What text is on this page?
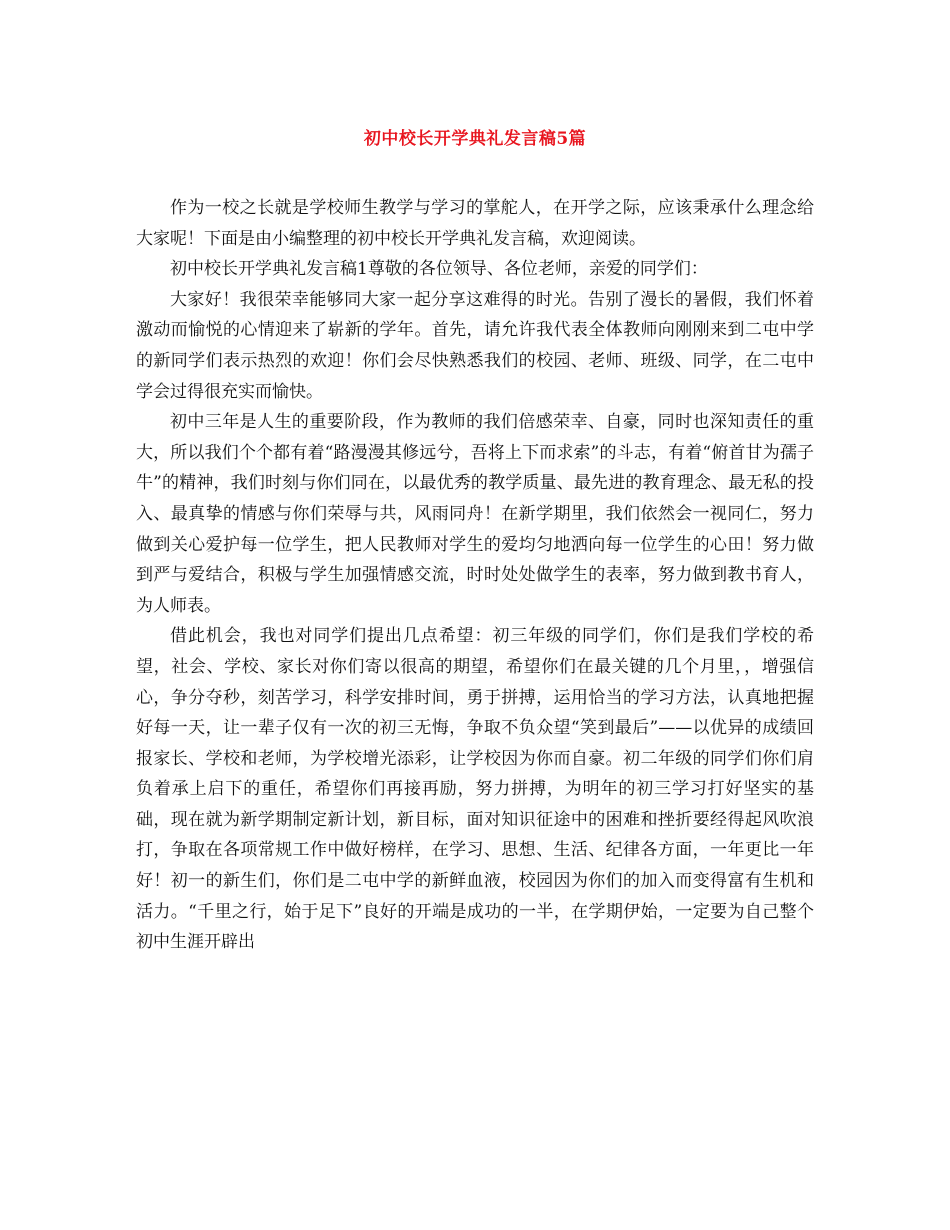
初中校长开学典礼发言稿5篇

作为一校之长就是学校师生教学与学习的掌舵人，在开学之际，应该秉承什么理念给大家呢！下面是由小编整理的初中校长开学典礼发言稿，欢迎阅读。

初中校长开学典礼发言稿1尊敬的各位领导、各位老师，亲爱的同学们：

大家好！我很荣幸能够同大家一起分享这难得的时光。告别了漫长的暑假，我们怀着激动而愉悦的心情迎来了崭新的学年。首先，请允许我代表全体教师向刚刚来到二屯中学的新同学们表示热烈的欢迎！你们会尽快熟悉我们的校园、老师、班级、同学，在二屯中学会过得很充实而愉快。

初中三年是人生的重要阶段，作为教师的我们倍感荣幸、自豪，同时也深知责任的重大，所以我们个个都有着“路漫漫其修远兮，吾将上下而求索”的斗志，有着“俯首甘为孺子牛”的精神，我们时刻与你们同在，以最优秀的教学质量、最先进的教育理念、最无私的投入、最真挚的情感与你们荣辱与共，风雨同舟！在新学期里，我们依然会一视同仁，努力做到关心爱护每一位学生，把人民教师对学生的爱均匀地洒向每一位学生的心田！努力做到严与爱结合，积极与学生加强情感交流，时时处处做学生的表率，努力做到教书育人，为人师表。

借此机会，我也对同学们提出几点希望：初三年级的同学们，你们是我们学校的希望，社会、学校、家长对你们寄以很高的期望，希望你们在最关键的几个月里，，增强信心，争分夺秒，刻苦学习，科学安排时间，勇于拼搏，运用恰当的学习方法，认真地把握好每一天，让一辈子仅有一次的初三无悔，争取不负众望“笑到最后”——以优异的成绩回报家长、学校和老师，为学校增光添彩，让学校因为你而自豪。初二年级的同学们你们肩负着承上启下的重任，希望你们再接再励，努力拼搏，为明年的初三学习打好坚实的基础，现在就为新学期制定新计划，新目标，面对知识征途中的困难和挫折要经得起风吹浪打，争取在各项常规工作中做好榜样，在学习、思想、生活、纪律各方面，一年更比一年好！初一的新生们，你们是二屯中学的新鲜血液，校园因为你们的加入而变得富有生机和活力。“千里之行，始于足下”良好的开端是成功的一半，在学期伊始，一定要为自己整个初中生涯开辟出
